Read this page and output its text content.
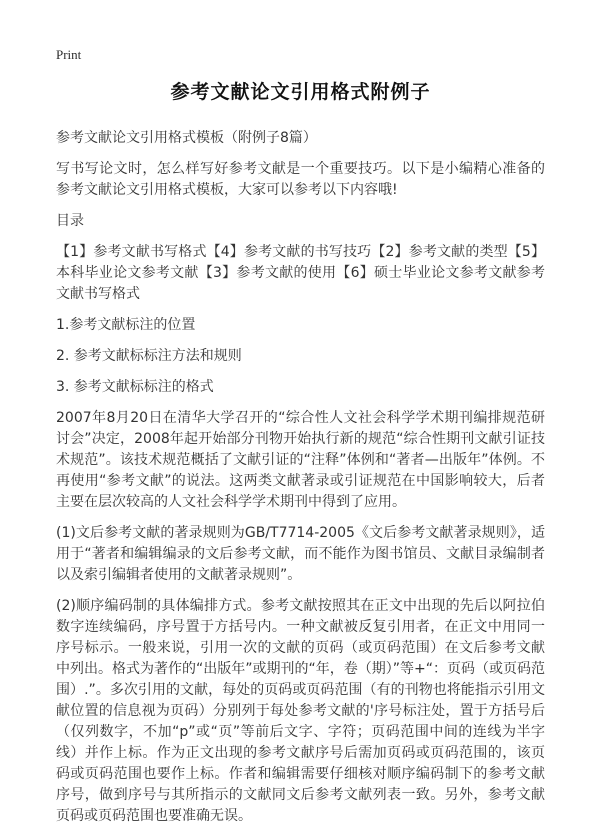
Print
参考文献论文引用格式附例子

参考文献论文引用格式模板（附例子8篇）

写书写论文时，怎么样写好参考文献是一个重要技巧。以下是小编精心准备的参考文献论文引用格式模板，大家可以参考以下内容哦!

目录

【1】参考文献书写格式【4】参考文献的书写技巧【2】参考文献的类型【5】本科毕业论文参考文献【3】参考文献的使用【6】硕士毕业论文参考文献参考文献书写格式

1.参考文献标注的位置

2. 参考文献标标注方法和规则

3. 参考文献标标注的格式

2007年8月20日在清华大学召开的“综合性人文社会科学学术期刊编排规范研讨会”决定，2008年起开始部分刊物开始执行新的规范“综合性期刊文献引证技术规范”。该技术规范概括了文献引证的“注释”体例和“著者—出版年”体例。不再使用“参考文献”的说法。这两类文献著录或引证规范在中国影响较大，后者主要在层次较高的人文社会科学学术期刊中得到了应用。

(1)文后参考文献的著录规则为GB/T7714-2005《文后参考文献著录规则》，适用于“著者和编辑编录的文后参考文献，而不能作为图书馆员、文献目录编制者以及索引编辑者使用的文献著录规则”。

(2)顺序编码制的具体编排方式。参考文献按照其在正文中出现的先后以阿拉伯数字连续编码，序号置于方括号内。一种文献被反复引用者，在正文中用同一序号标示。一般来说，引用一次的文献的页码（或页码范围）在文后参考文献中列出。格式为著作的“出版年”或期刊的“年，卷（期）”等+“：页码（或页码范围）.”。多次引用的文献，每处的页码或页码范围（有的刊物也将能指示引用文献位置的信息视为页码）分别列于每处参考文献的'序号标注处，置于方括号后（仅列数字，不加“p”或“页”等前后文字、字符；页码范围中间的连线为半字线）并作上标。作为正文出现的参考文献序号后需加页码或页码范围的，该页码或页码范围也要作上标。作者和编辑需要仔细核对顺序编码制下的参考文献序号，做到序号与其所指示的文献同文后参考文献列表一致。另外，参考文献页码或页码范围也要准确无误。
